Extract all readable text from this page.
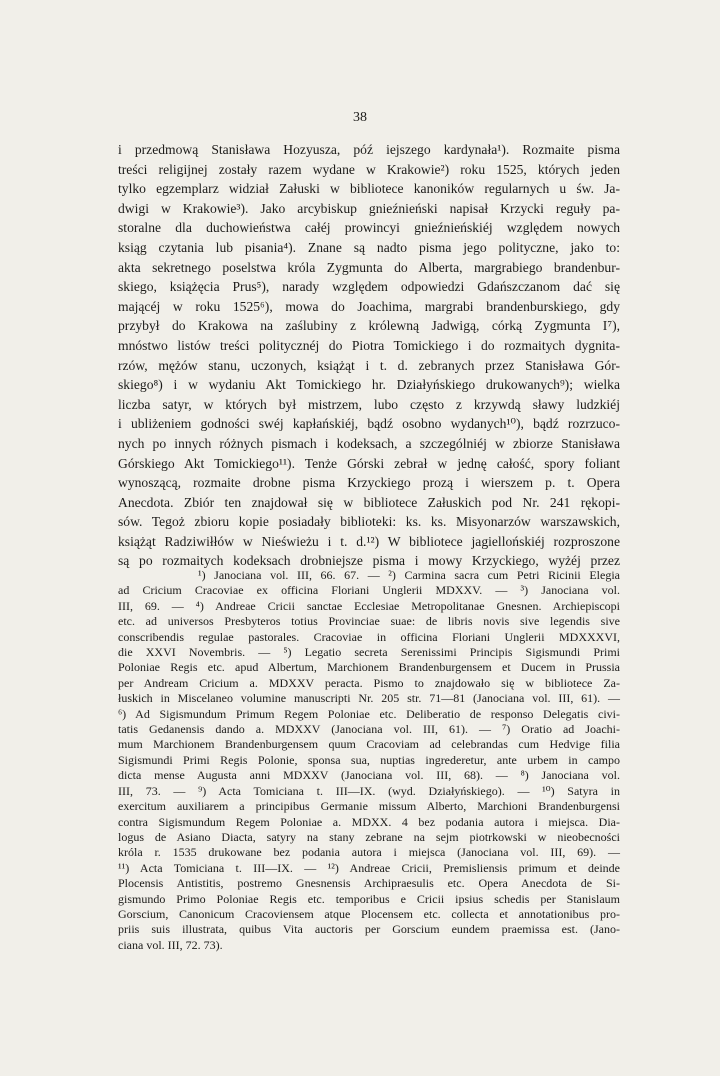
38
i przedmową Stanisława Hozyusza, póź iejszego kardynała¹). Rozmaite pisma
treści religijnej zostały razem wydane w Krakowie²) roku 1525, których jeden
tylko egzemplarz widział Załuski w bibliotece kanoników regularnych u św. Ja-
dwigi w Krakowie³). Jako arcybiskup gnieźnieński napisał Krzycki reguły pa-
storalne dla duchowieństwa całéj prowincyi gnieźnieńskiéj względem nowych
ksiąg czytania lub pisania⁴). Znane są nadto pisma jego polityczne, jako to:
akta sekretnego poselstwa króla Zygmunta do Alberta, margrabiego brandenbur-
skiego, książęcia Prus⁵), narady względem odpowiedzi Gdańszczanom dać się
mającéj w roku 1525⁶), mowa do Joachima, margrabi brandenburskiego, gdy
przybył do Krakowa na zaślubiny z królewną Jadwigą, córką Zygmunta I⁷),
mnóstwo listów treści politycznéj do Piotra Tomickiego i do rozmaitych dygnita-
rzów, mężów stanu, uczonych, książąt i t. d. zebranych przez Stanisława Gór-
skiego⁸) i w wydaniu Akt Tomickiego hr. Działyńskiego drukowanych⁹); wielka
liczba satyr, w których był mistrzem, lubo często z krzywdą sławy ludzkiéj
i ubliżeniem godności swéj kapłańskiéj, bądź osobno wydanych¹⁰), bądź rozrzuco-
nych po innych różnych pismach i kodeksach, a szczególniéj w zbiorze Stanisława
Górskiego Akt Tomickiego¹¹). Tenże Górski zebrał w jednę całość, spory foliant
wynoszącą, rozmaite drobne pisma Krzyckiego prozą i wierszem p. t. Opera
Anecdota. Zbiór ten znajdował się w bibliotece Załuskich pod Nr. 241 rękopi-
sów. Tegoż zbioru kopie posiadały biblioteki: ks. ks. Misyonarzów warszawskich,
książąt Radziwiłłów w Nieświeżu i t. d.¹²) W bibliotece jagiellońskiéj rozproszone
są po rozmaitych kodeksach drobniejsze pisma i mowy Krzyckiego, wyżéj przez
¹) Janociana vol. III, 66. 67. — ²) Carmina sacra cum Petri Ricinii Elegia
ad Cricium Cracoviae ex officina Floriani Unglerii MDXXV. — ³) Janociana vol.
III, 69. — ⁴) Andreae Cricii sanctae Ecclesiae Metropolitanae Gnesnen. Archiepiscopi
etc. ad universos Presbyteros totius Provinciae suae: de libris novis sive legendis sive
conscribendis regulae pastorales. Cracoviae in officina Floriani Unglerii MDXXXVI,
die XXVI Novembris. — ⁵) Legatio secreta Serenissimi Principis Sigismundi Primi
Poloniae Regis etc. apud Albertum, Marchionem Brandenburgensem et Ducem in Prussia
per Andream Cricium a. MDXXV peracta. Pismo to znajdowało się w bibliotece Za-
łuskich in Miscelaneo volumine manuscripti Nr. 205 str. 71—81 (Janociana vol. III, 61). —
⁶) Ad Sigismundum Primum Regem Poloniae etc. Deliberatio de responso Delegatis civi-
tatis Gedanensis dando a. MDXXV (Janociana vol. III, 61). — ⁷) Oratio ad Joachi-
mum Marchionem Brandenburgensem quum Cracoviam ad celebrandas cum Hedvige filia
Sigismundi Primi Regis Polonie, sponsa sua, nuptias ingrederetur, ante urbem in campo
dicta mense Augusta anni MDXXV (Janociana vol. III, 68). — ⁸) Janociana vol.
III, 73. — ⁹) Acta Tomiciana t. III—IX. (wyd. Działyńskiego). — ¹⁰) Satyra in
exercitum auxiliarem a principibus Germanie missum Alberto, Marchioni Brandenburgensi
contra Sigismundum Regem Poloniae a. MDXX. 4 bez podania autora i miejsca. Dia-
logus de Asiano Diacta, satyry na stany zebrane na sejm piotrkowski w nieobecności
króla r. 1535 drukowane bez podania autora i miejsca (Janociana vol. III, 69). —
¹¹) Acta Tomiciana t. III—IX. — ¹²) Andreae Cricii, Premisliensis primum et deinde
Plocensis Antistitis, postremo Gnesnensis Archipraesulis etc. Opera Anecdota de Si-
gismundo Primo Poloniae Regis etc. temporibus e Cricii ipsius schedis per Stanislaum
Gorscium, Canonicum Cracoviensem atque Plocensem etc. collecta et annotationibus pro-
priis suis illustrata, quibus Vita auctoris per Gorscium eundem praemissa est. (Jano-
ciana vol. III, 72. 73).
